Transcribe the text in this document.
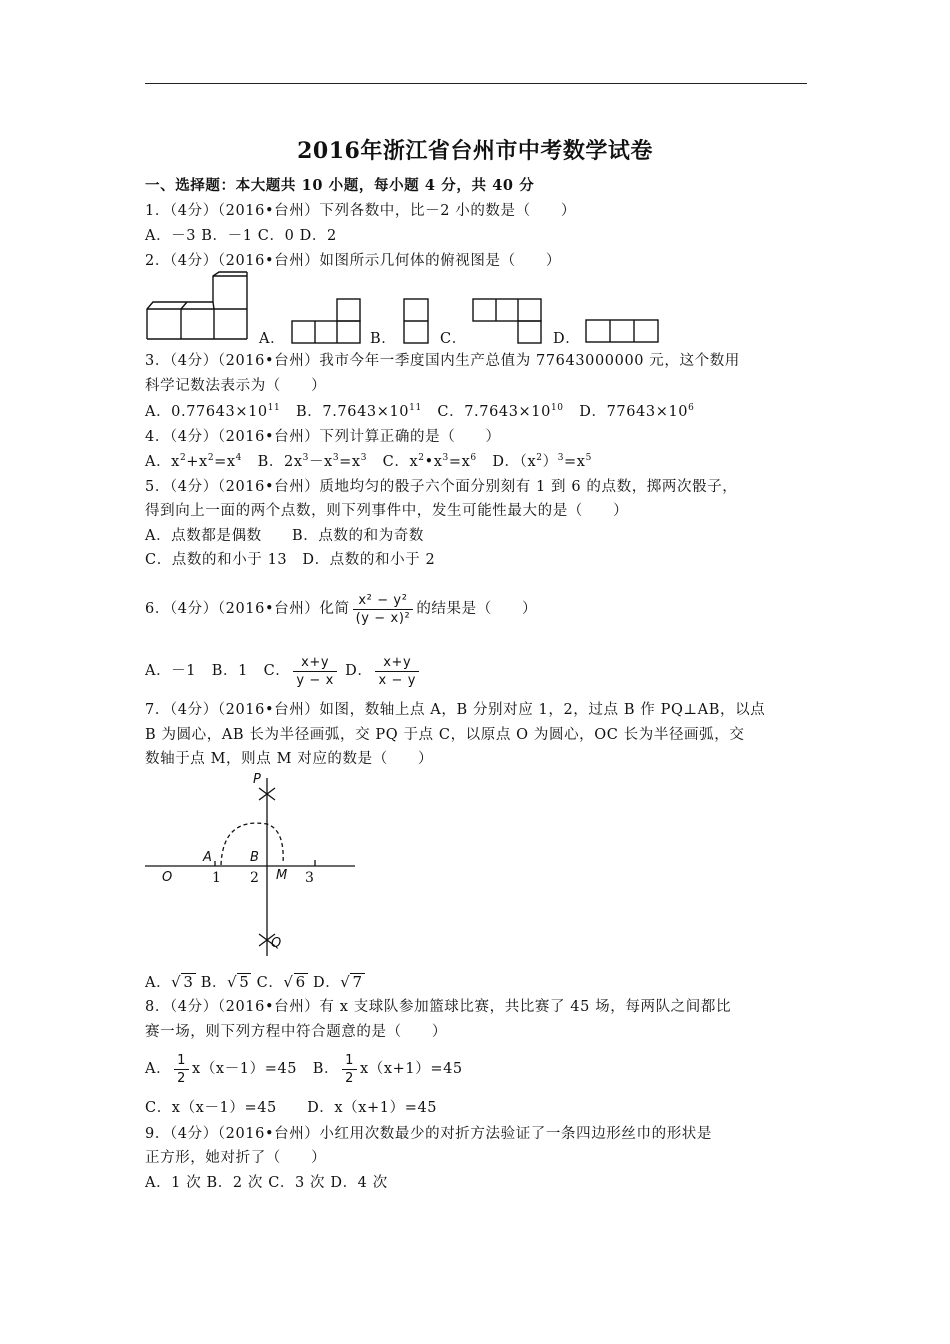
2016年浙江省台州市中考数学试卷
一、选择题：本大题共 10 小题，每小题 4 分，共 40 分
1．（4分）（2016•台州）下列各数中，比－2 小的数是（　　）
A．－3 B．－1 C．0 D．2
2．（4分）（2016•台州）如图所示几何体的俯视图是（　　）
A．	B．	C．	D．
3．（4分）（2016•台州）我市今年一季度国内生产总值为 77643000000 元，这个数用
科学记数法表示为（　　）
A．$0.77643\times 10^{11}$ B．$7.7643\times 10^{11}$ C．$7.7643\times 10^{10}$ D．$77643\times 10^6$
4．（4分）（2016•台州）下列计算正确的是（　　）
A．$x^2+x^2=x^4$ B．$2x^3-x^3=x^3$ C．$x^2•x^3=x^6$ D．$(x^2)^3=x^5$
5．（4分）（2016•台州）质地均匀的骰子六个面分别刻有 1 到 6 的点数，掷两次骰子，
得到向上一面的两个点数，则下列事件中，发生可能性最大的是（　　）
A．点数都是偶数　　B．点数的和为奇数
C．点数的和小于 13　D．点数的和小于 2
6．（4分）（2016•台州）化简 $\frac{\text{x² − y²}}{\text{(y − x)²}}$ 的结果是（　　）
A．－1 B．1 C． $\frac{x+y}{y - x}$ D． $\frac{x+y}{x - y}$
7．（4分）（2016•台州）如图，数轴上点 A，B 分别对应 1，2，过点 B 作 PQ⊥AB，以点
B 为圆心，AB 长为半径画弧，交 PQ 于点 C，以原点 O 为圆心，OC 长为半径画弧，交
数轴于点 M，则点 M 对应的数是（　　）
P
A	B
O	1 2 M 3
Q
A．√ 3 B．√ 5 C．√ 6 D．√ 7
8．（4分）（2016•台州）有 x 支球队参加篮球比赛，共比赛了 45 场，每两队之间都比
赛一场，则下列方程中符合题意的是（　　）
A． $\frac{1}{2} x(x-1)=45$ B． $\frac{1}{2} x(x+1)=45$
C．x（x－1）=45　　D．x（x+1）=45
9．（4分）（2016•台州）小红用次数最少的对折方法验证了一条四边形丝巾的形状是
正方形，她对折了（　　）
A．1 次 B．2 次 C．3 次 D．4 次
